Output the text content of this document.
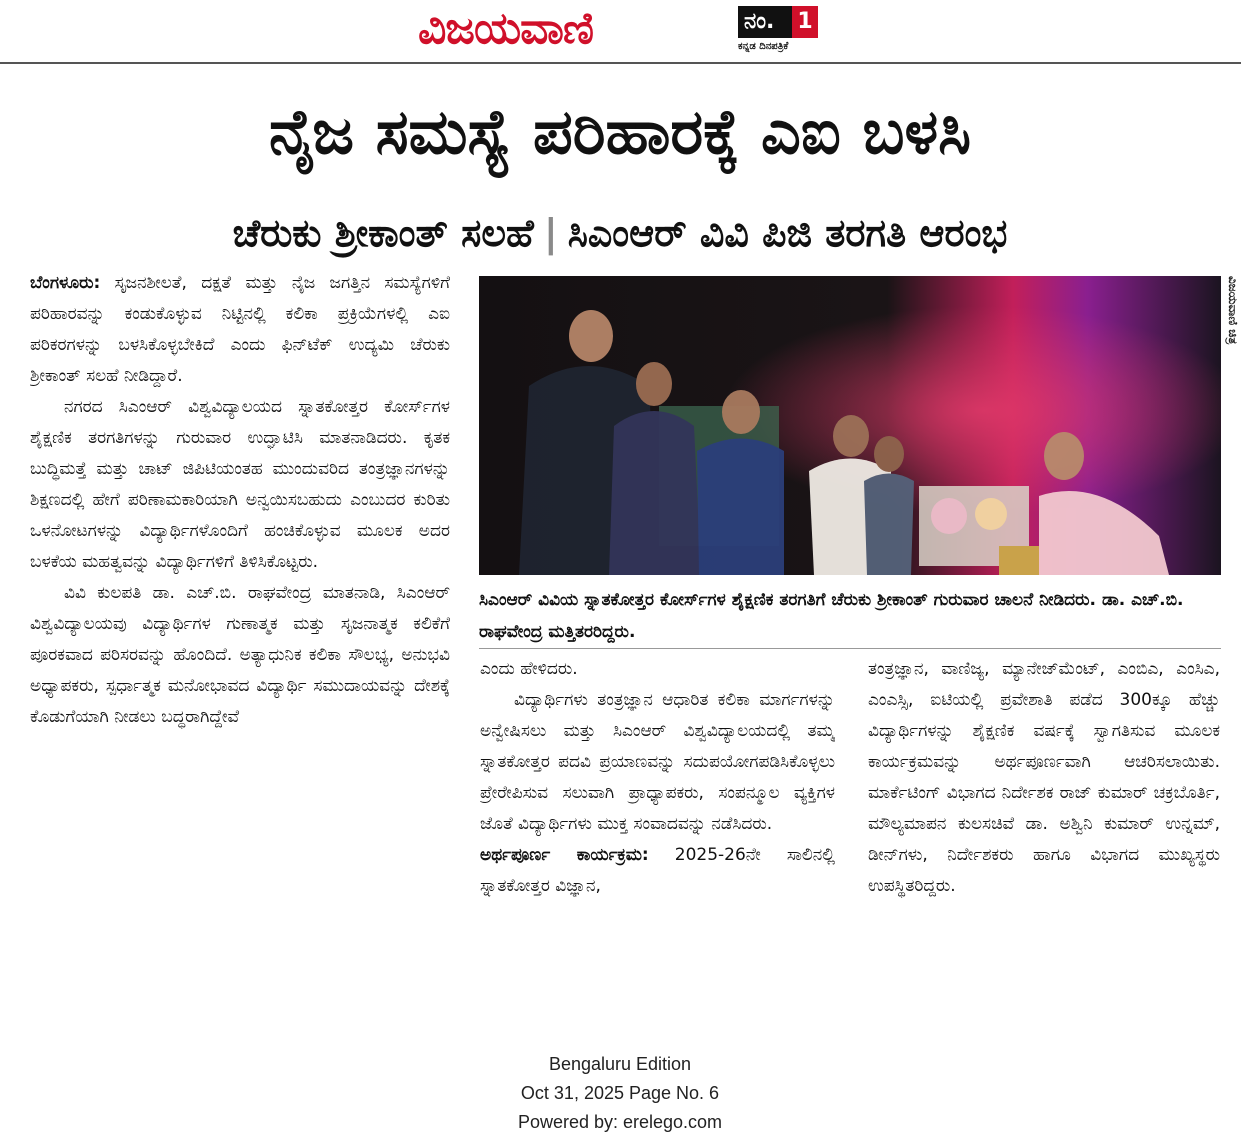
ವಿಜಯವಾಣಿ	ನಂ.	1
ಕನ್ನಡ ದಿನಪತ್ರಿಕೆ
ನೈಜ ಸಮಸ್ಯೆ ಪರಿಹಾರಕ್ಕೆ ಎಐ ಬಳಸಿ
ಚೆರುಕು ಶ್ರೀಕಾಂತ್ ಸಲಹೆ | ಸಿಎಂಆರ್ ವಿವಿ ಪಿಜಿ ತರಗತಿ ಆರಂಭ

ಬೆಂಗಳೂರು: ಸೃಜನಶೀಲತೆ, ದಕ್ಷತೆ ಮತ್ತು ನೈಜ ಜಗತ್ತಿನ ಸಮಸ್ಯೆಗಳಿಗೆ ಪರಿಹಾರವನ್ನು ಕಂಡುಕೊಳ್ಳುವ ನಿಟ್ಟಿನಲ್ಲಿ ಕಲಿಕಾ ಪ್ರಕ್ರಿಯೆಗಳಲ್ಲಿ ಎಐ ಪರಿಕರಗಳನ್ನು ಬಳಸಿಕೊಳ್ಳಬೇಕಿದೆ ಎಂದು ಫಿನ್‌ಟೆಕ್ ಉದ್ಯಮಿ ಚೆರುಕು ಶ್ರೀಕಾಂತ್ ಸಲಹೆ ನೀಡಿದ್ದಾರೆ.

ನಗರದ ಸಿಎಂಆರ್ ವಿಶ್ವವಿದ್ಯಾಲಯದ ಸ್ನಾತಕೋತ್ತರ ಕೋರ್ಸ್‌ಗಳ ಶೈಕ್ಷಣಿಕ ತರಗತಿಗಳನ್ನು ಗುರುವಾರ ಉದ್ಘಾಟಿಸಿ ಮಾತನಾಡಿದರು. ಕೃತಕ ಬುದ್ಧಿಮತ್ತೆ ಮತ್ತು ಚಾಟ್ ಜಿಪಿಟಿಯಂತಹ ಮುಂದುವರಿದ ತಂತ್ರಜ್ಞಾನಗಳನ್ನು ಶಿಕ್ಷಣದಲ್ಲಿ ಹೇಗೆ ಪರಿಣಾಮಕಾರಿಯಾಗಿ ಅನ್ವಯಿಸಬಹುದು ಎಂಬುದರ ಕುರಿತು ಒಳನೋಟಗಳನ್ನು ವಿದ್ಯಾರ್ಥಿಗಳೊಂದಿಗೆ ಹಂಚಿಕೊಳ್ಳುವ ಮೂಲಕ ಅದರ ಬಳಕೆಯ ಮಹತ್ವವನ್ನು ವಿದ್ಯಾರ್ಥಿಗಳಿಗೆ ತಿಳಿಸಿಕೊಟ್ಟರು.

ವಿವಿ ಕುಲಪತಿ ಡಾ. ಎಚ್.ಬಿ. ರಾಘವೇಂದ್ರ ಮಾತನಾಡಿ, ಸಿಎಂಆರ್ ವಿಶ್ವವಿದ್ಯಾಲಯವು ವಿದ್ಯಾರ್ಥಿಗಳ ಗುಣಾತ್ಮಕ ಮತ್ತು ಸೃಜನಾತ್ಮಕ ಕಲಿಕೆಗೆ ಪೂರಕವಾದ ಪರಿಸರವನ್ನು ಹೊಂದಿದೆ. ಅತ್ಯಾಧುನಿಕ ಕಲಿಕಾ ಸೌಲಭ್ಯ, ಅನುಭವಿ ಅಧ್ಯಾಪಕರು, ಸ್ಪರ್ಧಾತ್ಮಕ ಮನೋಭಾವದ ವಿದ್ಯಾರ್ಥಿ ಸಮುದಾಯವನ್ನು ದೇಶಕ್ಕೆ ಕೊಡುಗೆಯಾಗಿ ನೀಡಲು ಬದ್ಧರಾಗಿದ್ದೇವೆ

ವಿಜಯವಾಣಿ ಚಿತ್ರ
ಸಿಎಂಆರ್ ವಿವಿಯ ಸ್ನಾತಕೋತ್ತರ ಕೋರ್ಸ್‌ಗಳ ಶೈಕ್ಷಣಿಕ ತರಗತಿಗೆ ಚೆರುಕು ಶ್ರೀಕಾಂತ್ ಗುರುವಾರ ಚಾಲನೆ ನೀಡಿದರು. ಡಾ. ಎಚ್.ಬಿ. ರಾಘವೇಂದ್ರ ಮತ್ತಿತರರಿದ್ದರು.

ಎಂದು ಹೇಳಿದರು.

ವಿದ್ಯಾರ್ಥಿಗಳು ತಂತ್ರಜ್ಞಾನ ಆಧಾರಿತ ಕಲಿಕಾ ಮಾರ್ಗಗಳನ್ನು ಅನ್ವೇಷಿಸಲು ಮತ್ತು ಸಿಎಂಆರ್ ವಿಶ್ವವಿದ್ಯಾಲಯದಲ್ಲಿ ತಮ್ಮ ಸ್ನಾತಕೋತ್ತರ ಪದವಿ ಪ್ರಯಾಣವನ್ನು ಸದುಪಯೋಗಪಡಿಸಿಕೊಳ್ಳಲು ಪ್ರೇರೇಪಿಸುವ ಸಲುವಾಗಿ ಪ್ರಾಧ್ಯಾಪಕರು, ಸಂಪನ್ಮೂಲ ವ್ಯಕ್ತಿಗಳ ಜೊತೆ ವಿದ್ಯಾರ್ಥಿಗಳು ಮುಕ್ತ ಸಂವಾದವನ್ನು ನಡೆಸಿದರು.

ಅರ್ಥಪೂರ್ಣ ಕಾರ್ಯಕ್ರಮ: 2025-26ನೇ ಸಾಲಿನಲ್ಲಿ ಸ್ನಾತಕೋತ್ತರ ವಿಜ್ಞಾನ,

ತಂತ್ರಜ್ಞಾನ, ವಾಣಿಜ್ಯ, ಮ್ಯಾನೇಜ್‌ಮೆಂಟ್, ಎಂಬಿಎ, ಎಂಸಿಎ, ಎಂಎಸ್ಸಿ, ಐಟಿಯಲ್ಲಿ ಪ್ರವೇಶಾತಿ ಪಡೆದ 300ಕ್ಕೂ ಹೆಚ್ಚು ವಿದ್ಯಾರ್ಥಿಗಳನ್ನು ಶೈಕ್ಷಣಿಕ ವರ್ಷಕ್ಕೆ ಸ್ವಾಗತಿಸುವ ಮೂಲಕ ಕಾರ್ಯಕ್ರಮವನ್ನು ಅರ್ಥಪೂರ್ಣವಾಗಿ ಆಚರಿಸಲಾಯಿತು. ಮಾರ್ಕೆಟಿಂಗ್ ವಿಭಾಗದ ನಿರ್ದೇಶಕ ರಾಜ್ ಕುಮಾರ್ ಚಕ್ರಬೊರ್ತಿ, ಮೌಲ್ಯಮಾಪನ ಕುಲಸಚಿವೆ ಡಾ. ಅಶ್ವಿನಿ ಕುಮಾರ್ ಉನ್ನಮ್, ಡೀನ್‌ಗಳು, ನಿರ್ದೇಶಕರು ಹಾಗೂ ವಿಭಾಗದ ಮುಖ್ಯಸ್ಥರು ಉಪಸ್ಥಿತರಿದ್ದರು.

Bengaluru Edition
Oct 31, 2025 Page No. 6
Powered by: erelego.com
